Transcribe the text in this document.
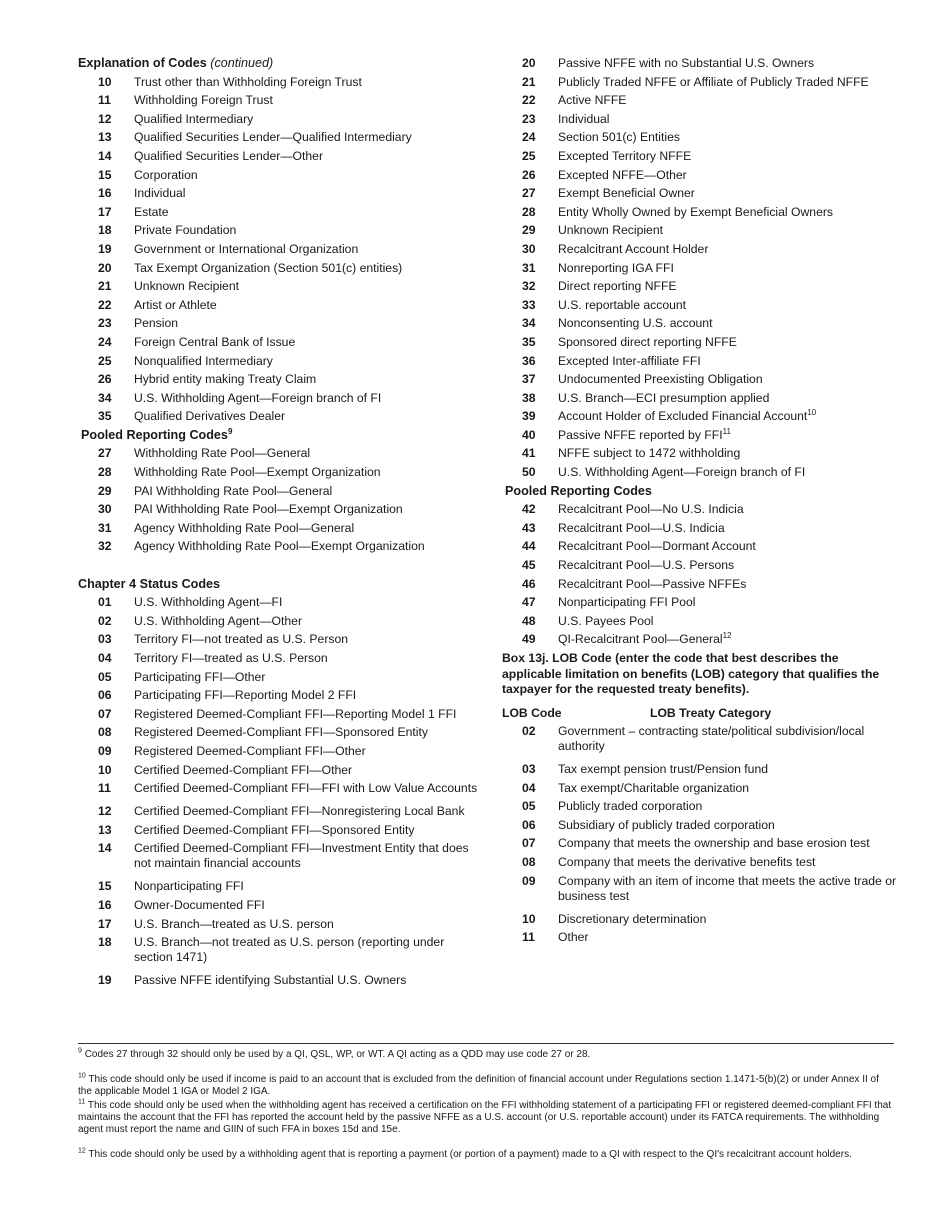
Explanation of Codes (continued)
10	Trust other than Withholding Foreign Trust
11	Withholding Foreign Trust
12	Qualified Intermediary
13	Qualified Securities Lender—Qualified Intermediary
14	Qualified Securities Lender—Other
15	Corporation
16	Individual
17	Estate
18	Private Foundation
19	Government or International Organization
20	Tax Exempt Organization (Section 501(c) entities)
21	Unknown Recipient
22	Artist or Athlete
23	Pension
24	Foreign Central Bank of Issue
25	Nonqualified Intermediary
26	Hybrid entity making Treaty Claim
34	U.S. Withholding Agent—Foreign branch of FI
35	Qualified Derivatives Dealer
Pooled Reporting Codes$^9$
27	Withholding Rate Pool—General
28	Withholding Rate Pool—Exempt Organization
29	PAI Withholding Rate Pool—General
30	PAI Withholding Rate Pool—Exempt Organization
31	Agency Withholding Rate Pool—General
32	Agency Withholding Rate Pool—Exempt Organization
Chapter 4 Status Codes
01	U.S. Withholding Agent—FI
02	U.S. Withholding Agent—Other
03	Territory FI—not treated as U.S. Person
04	Territory FI—treated as U.S. Person
05	Participating FFI—Other
06	Participating FFI—Reporting Model 2 FFI
07	Registered Deemed-Compliant FFI—Reporting Model 1 FFI
08	Registered Deemed-Compliant FFI—Sponsored Entity
09	Registered Deemed-Compliant FFI—Other
10	Certified Deemed-Compliant FFI—Other
11	Certified Deemed-Compliant FFI—FFI with Low Value Accounts
12	Certified Deemed-Compliant FFI—Nonregistering Local Bank
13	Certified Deemed-Compliant FFI—Sponsored Entity
14	Certified Deemed-Compliant FFI—Investment Entity that does not maintain financial accounts
15	Nonparticipating FFI
16	Owner-Documented FFI
17	U.S. Branch—treated as U.S. person
18	U.S. Branch—not treated as U.S. person (reporting under section 1471)
19	Passive NFFE identifying Substantial U.S. Owners
20	Passive NFFE with no Substantial U.S. Owners
21	Publicly Traded NFFE or Affiliate of Publicly Traded NFFE
22	Active NFFE
23	Individual
24	Section 501(c) Entities
25	Excepted Territory NFFE
26	Excepted NFFE—Other
27	Exempt Beneficial Owner
28	Entity Wholly Owned by Exempt Beneficial Owners
29	Unknown Recipient
30	Recalcitrant Account Holder
31	Nonreporting IGA FFI
32	Direct reporting NFFE
33	U.S. reportable account
34	Nonconsenting U.S. account
35	Sponsored direct reporting NFFE
36	Excepted Inter-affiliate FFI
37	Undocumented Preexisting Obligation
38	U.S. Branch—ECI presumption applied
39	Account Holder of Excluded Financial Account$^{10}$
40	Passive NFFE reported by FFI$^{11}$
41	NFFE subject to 1472 withholding
50	U.S. Withholding Agent—Foreign branch of FI
Pooled Reporting Codes
42	Recalcitrant Pool—No U.S. Indicia
43	Recalcitrant Pool—U.S. Indicia
44	Recalcitrant Pool—Dormant Account
45	Recalcitrant Pool—U.S. Persons
46	Recalcitrant Pool—Passive NFFEs
47	Nonparticipating FFI Pool
48	U.S. Payees Pool
49	QI-Recalcitrant Pool—General$^{12}$
Box 13j. LOB Code (enter the code that best describes the applicable limitation on benefits (LOB) category that qualifies the taxpayer for the requested treaty benefits).
LOB Code	LOB Treaty Category
02	Government – contracting state/political subdivision/local authority
03	Tax exempt pension trust/Pension fund
04	Tax exempt/Charitable organization
05	Publicly traded corporation
06	Subsidiary of publicly traded corporation
07	Company that meets the ownership and base erosion test
08	Company that meets the derivative benefits test
09	Company with an item of income that meets the active trade or business test
10	Discretionary determination
11	Other

$^9$ Codes 27 through 32 should only be used by a QI, QSL, WP, or WT. A QI acting as a QDD may use code 27 or 28.

$^{10}$ This code should only be used if income is paid to an account that is excluded from the definition of financial account under Regulations section 1.1471-5(b)(2) or under Annex II of the applicable Model 1 IGA or Model 2 IGA.

$^{11}$ This code should only be used when the withholding agent has received a certification on the FFI withholding statement of a participating FFI or registered deemed-compliant FFI that maintains the account that the FFI has reported the account held by the passive NFFE as a U.S. account (or U.S. reportable account) under its FATCA requirements. The withholding agent must report the name and GIIN of such FFA in boxes 15d and 15e.

$^{12}$ This code should only be used by a withholding agent that is reporting a payment (or portion of a payment) made to a QI with respect to the QI's recalcitrant account holders.
